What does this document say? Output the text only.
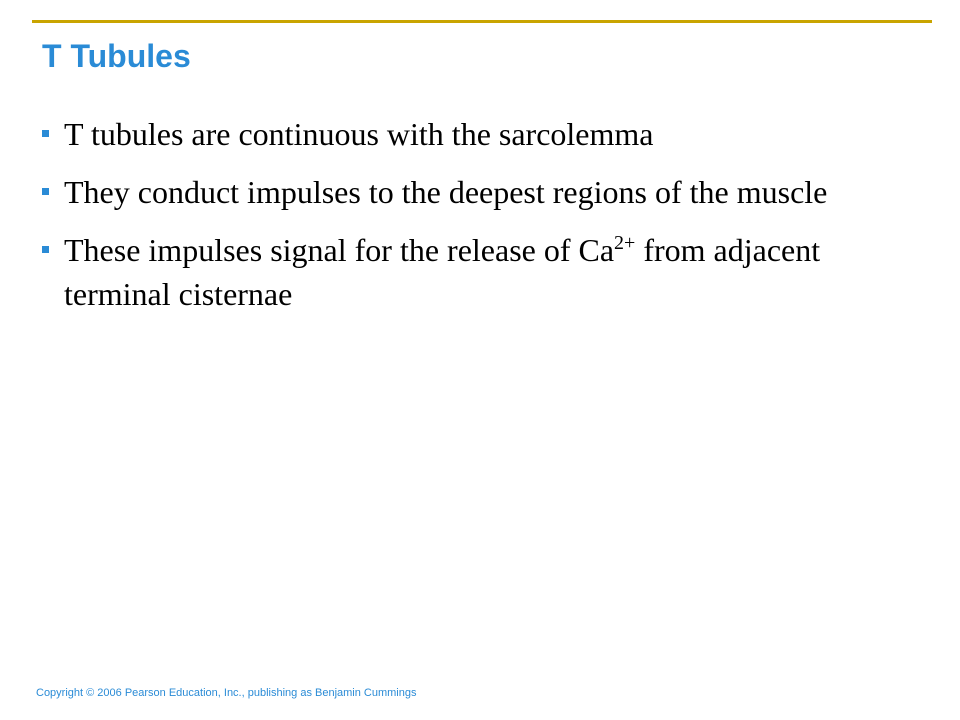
T Tubules
T tubules are continuous with the sarcolemma
They conduct impulses to the deepest regions of the muscle
These impulses signal for the release of $Ca^{2+}$ from adjacent terminal cisternae
Copyright © 2006 Pearson Education, Inc., publishing as Benjamin Cummings
